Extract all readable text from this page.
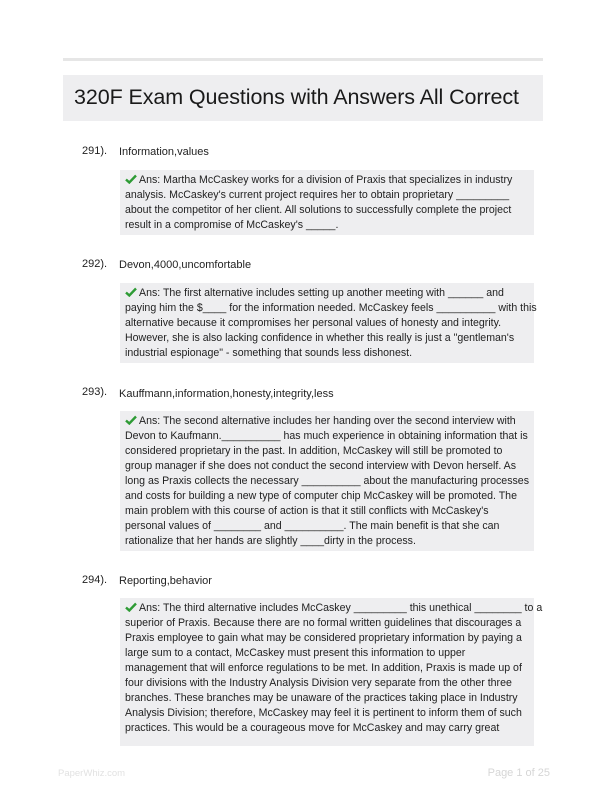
320F Exam Questions with Answers All Correct
291). Information,values
Ans: Martha McCaskey works for a division of Praxis that specializes in industry
analysis. McCaskey's current project requires her to obtain proprietary _________
about the competitor of her client. All solutions to successfully complete the project
result in a compromise of McCaskey's _____.
292). Devon,4000,uncomfortable
Ans: The first alternative includes setting up another meeting with ______ and
paying him the $____ for the information needed. McCaskey feels __________ with this
alternative because it compromises her personal values of honesty and integrity.
However, she is also lacking confidence in whether this really is just a "gentleman's
industrial espionage" - something that sounds less dishonest.
293). Kauffmann,information,honesty,integrity,less
Ans: The second alternative includes her handing over the second interview with
Devon to Kaufmann.__________ has much experience in obtaining information that is
considered proprietary in the past. In addition, McCaskey will still be promoted to
group manager if she does not conduct the second interview with Devon herself. As
long as Praxis collects the necessary __________ about the manufacturing processes
and costs for building a new type of computer chip McCaskey will be promoted. The
main problem with this course of action is that it still conflicts with McCaskey's
personal values of ________ and __________. The main benefit is that she can
rationalize that her hands are slightly ____dirty in the process.
294). Reporting,behavior
Ans: The third alternative includes McCaskey _________ this unethical ________ to a
superior of Praxis. Because there are no formal written guidelines that discourages a
Praxis employee to gain what may be considered proprietary information by paying a
large sum to a contact, McCaskey must present this information to upper
management that will enforce regulations to be met. In addition, Praxis is made up of
four divisions with the Industry Analysis Division very separate from the other three
branches. These branches may be unaware of the practices taking place in Industry
Analysis Division; therefore, McCaskey may feel it is pertinent to inform them of such
practices. This would be a courageous move for McCaskey and may carry great
PaperWhiz.com	Page 1 of 25
